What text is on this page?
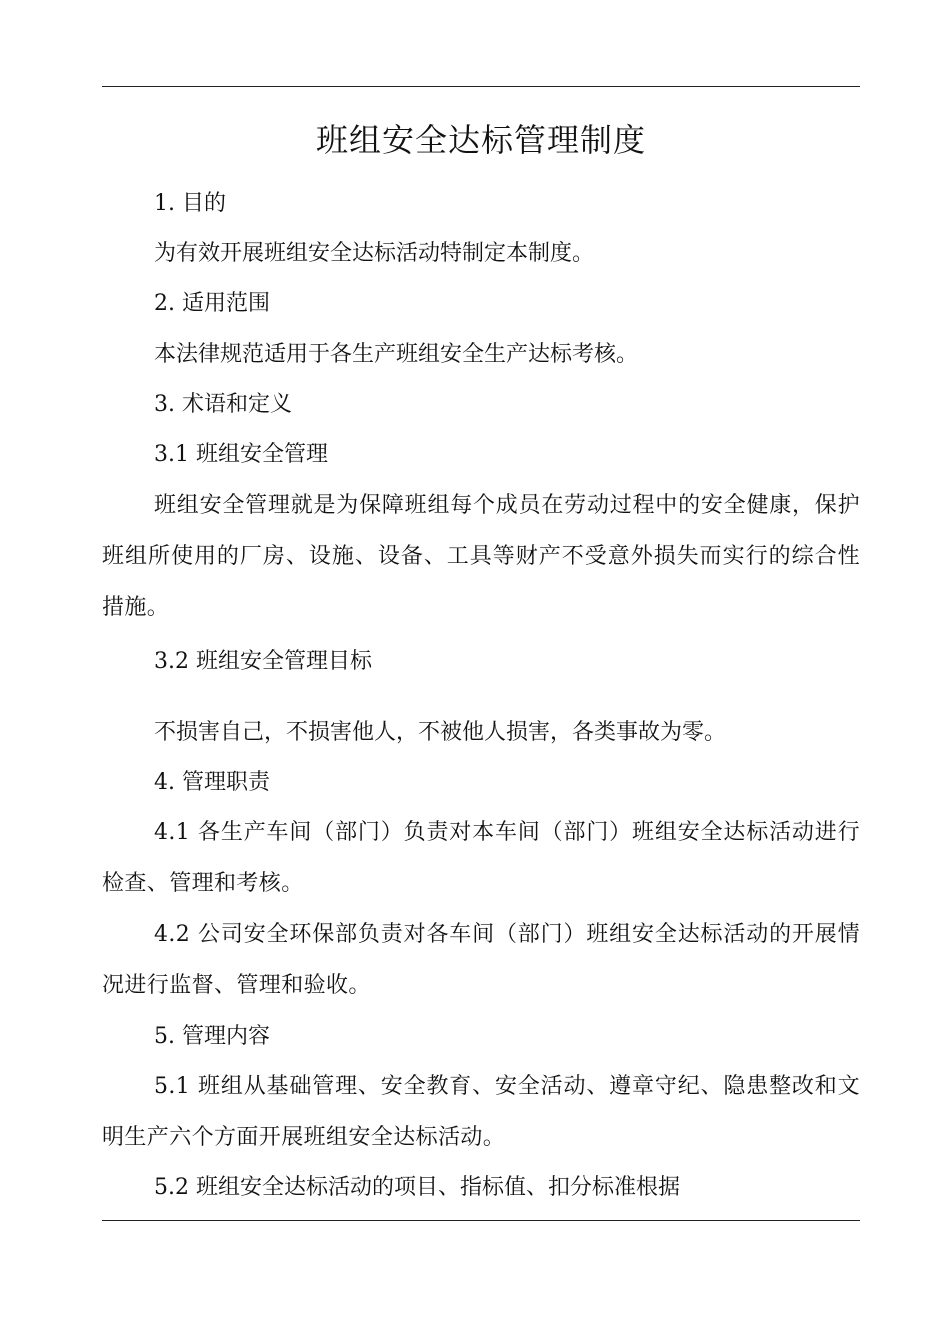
班组安全达标管理制度
1. 目的
为有效开展班组安全达标活动特制定本制度。
2. 适用范围
本法律规范适用于各生产班组安全生产达标考核。
3. 术语和定义
3.1 班组安全管理
班组安全管理就是为保障班组每个成员在劳动过程中的安全健康，保护班组所使用的厂房、设施、设备、工具等财产不受意外损失而实行的综合性措施。
3.2 班组安全管理目标
不损害自己，不损害他人，不被他人损害，各类事故为零。
4. 管理职责
4.1 各生产车间（部门）负责对本车间（部门）班组安全达标活动进行检查、管理和考核。
4.2 公司安全环保部负责对各车间（部门）班组安全达标活动的开展情况进行监督、管理和验收。
5. 管理内容
5.1 班组从基础管理、安全教育、安全活动、遵章守纪、隐患整改和文明生产六个方面开展班组安全达标活动。
5.2 班组安全达标活动的项目、指标值、扣分标准根据
